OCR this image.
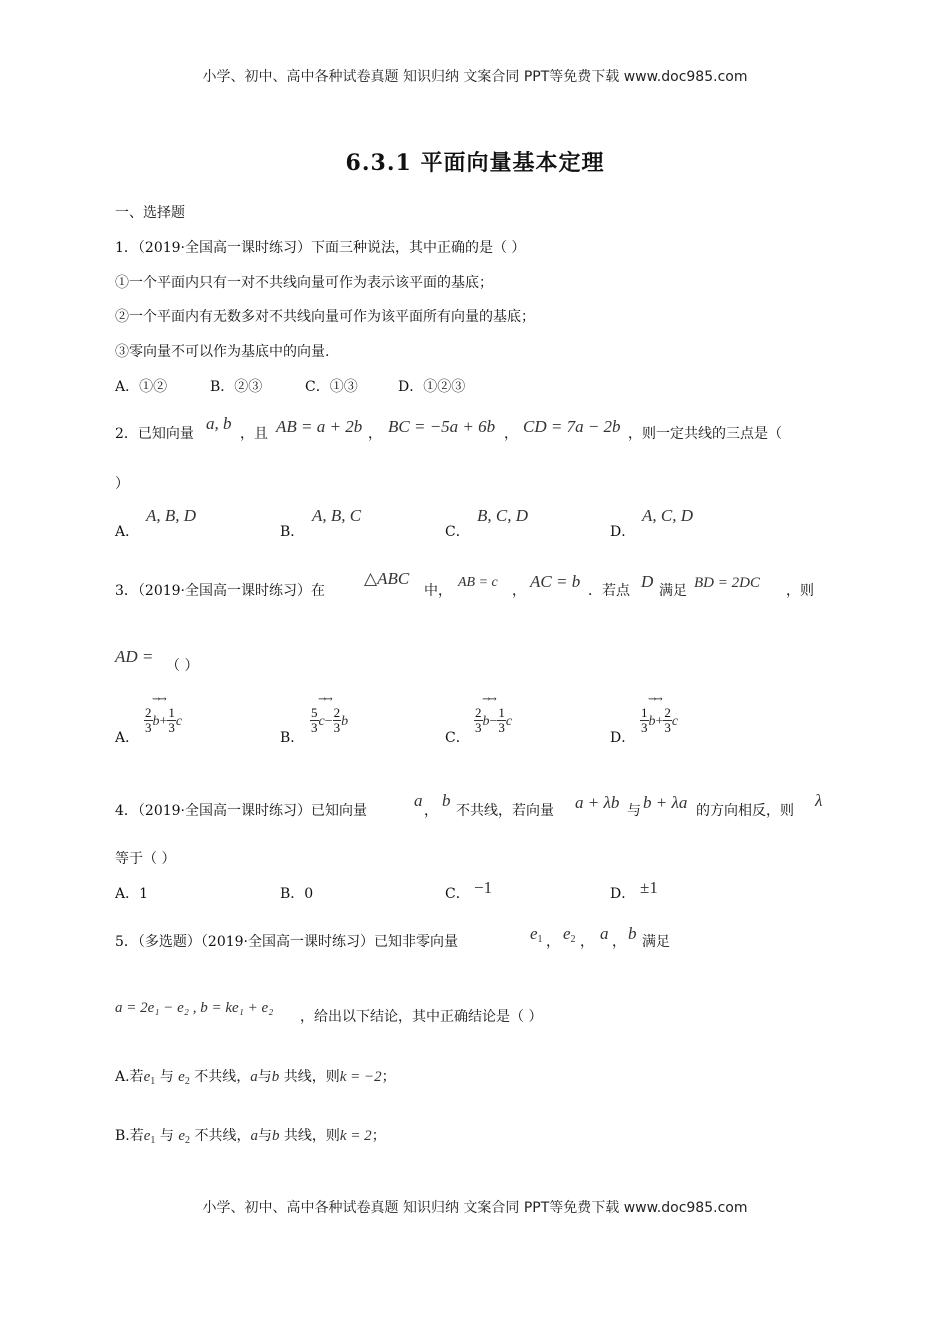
小学、初中、高中各种试卷真题 知识归纳 文案合同 PPT等免费下载 www.doc985.com
6.3.1 平面向量基本定理
一、选择题
1．（2019·全国高一课时练习）下面三种说法，其中正确的是（ ）
①一个平面内只有一对不共线向量可作为表示该平面的基底；
②一个平面内有无数多对不共线向量可作为该平面所有向量的基底；
③零向量不可以作为基底中的向量.
A．①②	B．②③	C．①③	D．①②③
2．已知向量
a, b
，且 AB = a + 2b ， BC = −5a + 6b ， CD = 7a − 2b ，则一定共线的三点是（
）
A．
A, B, D
B．
A, B, C
C．
B, C, D
D．
A, C, D
3．（2019·全国高一课时练习）在
△ABC
中，
AB = c
， AC = b ．若点 D 满足 BD = 2DC ，则
AD = （ ）
A．
→→
$\frac{2}{3} b+ \frac{1}{3}$ c
B．
→→
$\frac{5}{3} c- \frac{2}{3}$ b
C．
→→
$\frac{2}{3} b- \frac{1}{3}$ c
D．
→→
$\frac{1}{3} b+ \frac{2}{3}$ c
4．（2019·全国高一课时练习）已知向量
a
，
b
不共线，若向量 a + λb 与 b + λa 的方向相反，则
λ
等于（ ）
A．1	B．0	C． −1	D． ±1
5．（多选题）（2019·全国高一课时练习）已知非零向量	$e_1$ ， $e_2$ ， a ， b 满足
a = 2e₁ − e₂ , b = ke₁ + e₂
，给出以下结论，其中正确结论是（ ）
A.若$e_1$ 与 $e_2$ 不共线，a与b 共线，则k = −2；
B.若$e_1$ 与 $e_2$ 不共线，a与b 共线，则k = 2；
小学、初中、高中各种试卷真题 知识归纳 文案合同 PPT等免费下载 www.doc985.com
